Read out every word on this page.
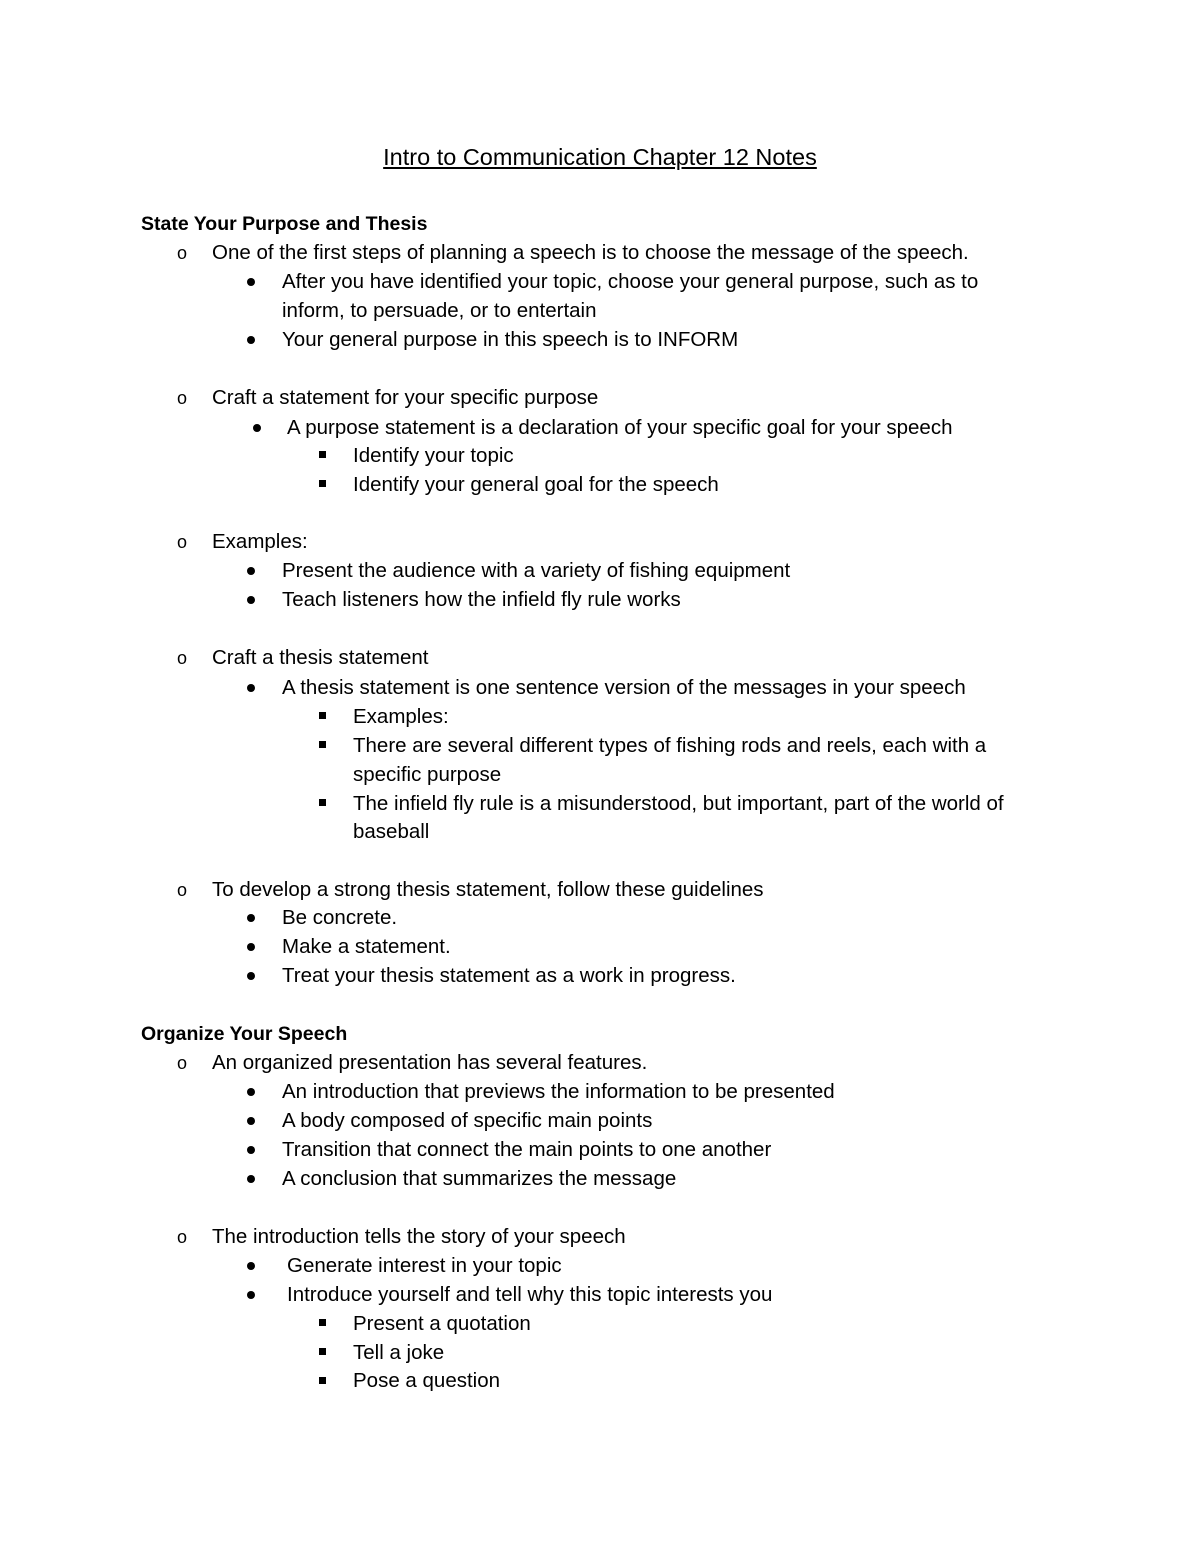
Intro to Communication Chapter 12 Notes
State Your Purpose and Thesis
o One of the first steps of planning a speech is to choose the message of the speech.
After you have identified your topic, choose your general purpose, such as to
inform, to persuade, or to entertain
Your general purpose in this speech is to INFORM
o Craft a statement for your specific purpose
A purpose statement is a declaration of your specific goal for your speech
Identify your topic
Identify your general goal for the speech
o Examples:
Present the audience with a variety of fishing equipment
Teach listeners how the infield fly rule works
o Craft a thesis statement
A thesis statement is one sentence version of the messages in your speech
Examples:
There are several different types of fishing rods and reels, each with a
specific purpose
The infield fly rule is a misunderstood, but important, part of the world of
baseball
o To develop a strong thesis statement, follow these guidelines
Be concrete.
Make a statement.
Treat your thesis statement as a work in progress.
Organize Your Speech
o An organized presentation has several features.
An introduction that previews the information to be presented
A body composed of specific main points
Transition that connect the main points to one another
A conclusion that summarizes the message
o The introduction tells the story of your speech
Generate interest in your topic
Introduce yourself and tell why this topic interests you
Present a quotation
Tell a joke
Pose a question
